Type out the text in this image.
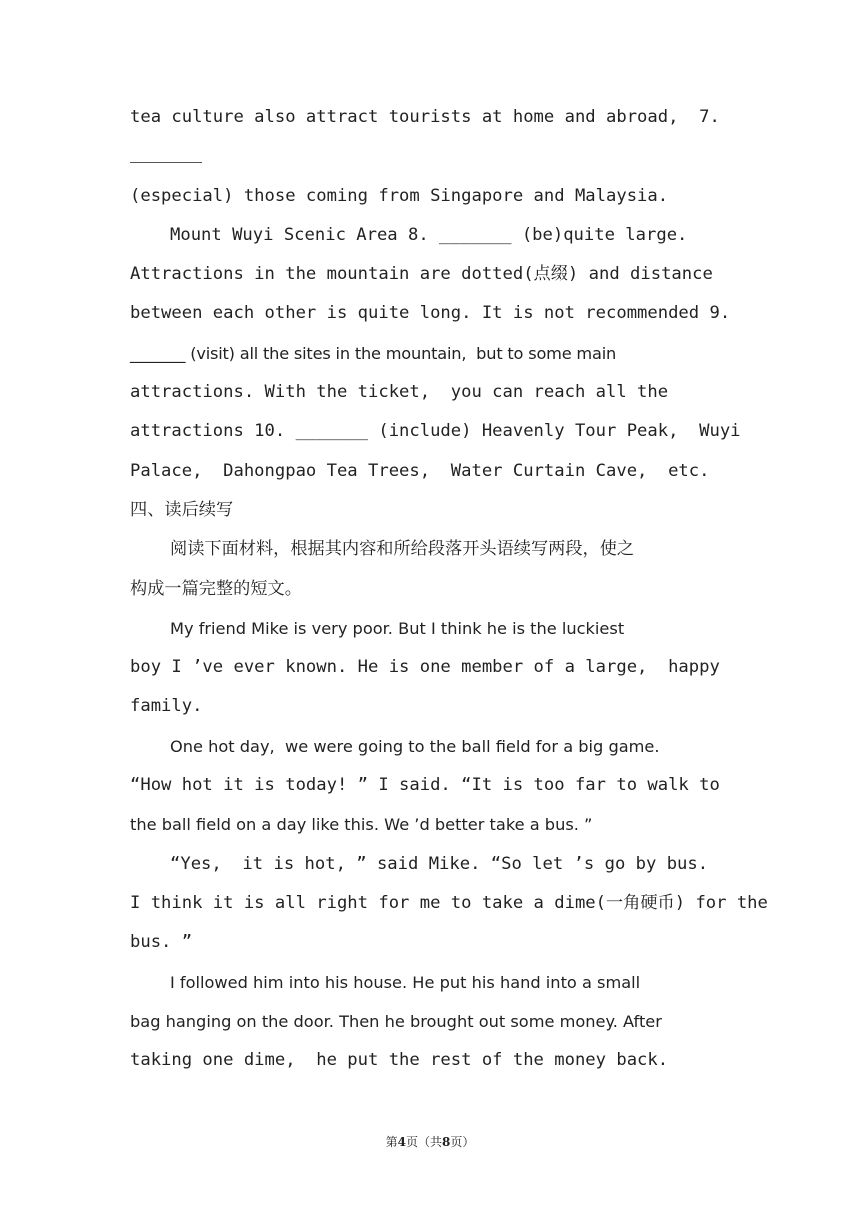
tea culture also attract tourists at home and abroad,  7.
(especial) those coming from Singapore and Malaysia.
Mount Wuyi Scenic Area 8. _______ (be)quite large.
Attractions in the mountain are dotted(点缀) and distance
between each other is quite long. It is not recommended 9.
_______ (visit) all the sites in the mountain,  but to some main
attractions. With the ticket,  you can reach all the
attractions 10. _______ (include) Heavenly Tour Peak,  Wuyi
Palace,  Dahongpao Tea Trees,  Water Curtain Cave,  etc.
四、读后续写
阅读下面材料，根据其内容和所给段落开头语续写两段，使之
构成一篇完整的短文。
My friend Mike is very poor. But I think he is the luckiest
boy I ’ve ever known. He is one member of a large,  happy
family.
One hot day,  we were going to the ball field for a big game.
“How hot it is today! ” I said. “It is too far to walk to
the ball field on a day like this. We ’d better take a bus. ”
“Yes,  it is hot, ” said Mike. “So let ’s go by bus.
I think it is all right for me to take a dime(一角硬币) for the
bus. ”
I followed him into his house. He put his hand into a small
bag hanging on the door. Then he brought out some money. After
taking one dime,  he put the rest of the money back.
第4页（共8页）
